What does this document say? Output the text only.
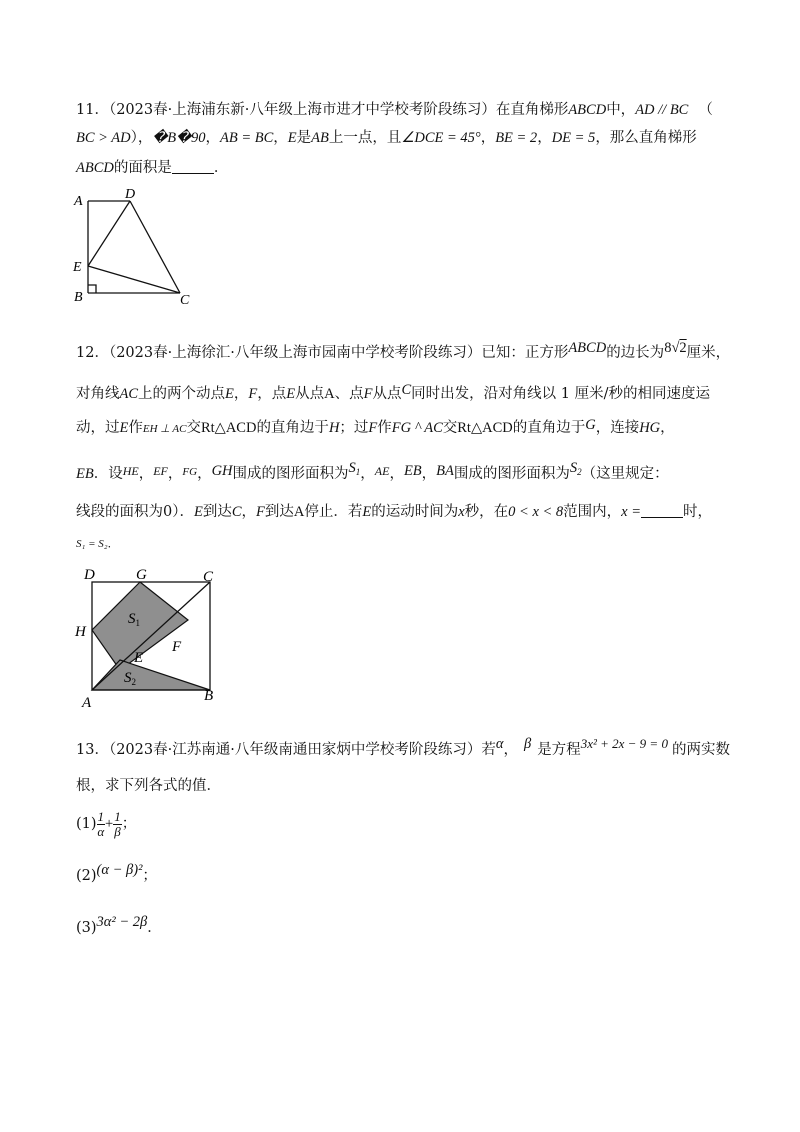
11．（2023春·上海浦东新·八年级上海市进才中学校考阶段练习）在直角梯形ABCD中，AD // BC （
BC > AD），�B�90，AB = BC，E是AB上一点，且∠DCE = 45°，BE = 2，DE = 5，那么直角梯形
ABCD的面积是	．
A	D
E
B	C
12．（2023春·上海徐汇·八年级上海市园南中学校考阶段练习）已知：正方形ABCD的边长为8√2厘米，
对角线AC上的两个动点E，F，点E从点A、点F从点C同时出发，沿对角线以 1 厘米/秒的相同速度运
动，过E作EH ⊥ AC交Rt△ACD的直角边于H；过F作FG ^ AC交Rt△ACD的直角边于G，连接HG，
EB．设$^{HE}$，$^{EF}$，$^{FG}$，GH围成的图形面积为$S_1$，$^{AE}$，EB，BA围成的图形面积为$S_2$（这里规定：
线段的面积为0）．E到达C，F到达A停止．若E的运动时间为x秒，在0 < x < 8范围内，x =	时，
S₁ = S₂．
D	G	C
$S_1$
F
H
E
$S_2$
A	B
13．（2023春·江苏南通·八年级南通田家炳中学校考阶段练习）若α， β 是方程3x² + 2x − 9 = 0 的两实数
根，求下列各式的值．
$(1) \frac{1}{\alpha} + \frac{1}{\beta}$ ；
(2)(α − β)²；
(3)3α² − 2β．
